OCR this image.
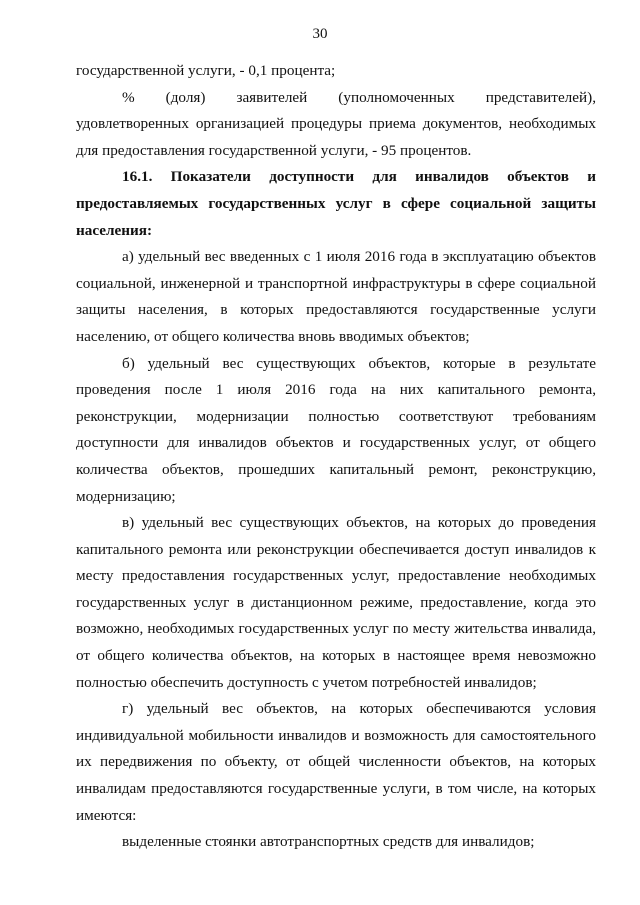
30

государственной услуги, - 0,1 процента;

% (доля) заявителей (уполномоченных представителей), удовлетворенных организацией процедуры приема документов, необходимых для предоставления государственной услуги, - 95 процентов.

16.1. Показатели доступности для инвалидов объектов и предоставляемых государственных услуг в сфере социальной защиты населения:

а) удельный вес введенных с 1 июля 2016 года в эксплуатацию объектов социальной, инженерной и транспортной инфраструктуры в сфере социальной защиты населения, в которых предоставляются государственные услуги населению, от общего количества вновь вводимых объектов;

б) удельный вес существующих объектов, которые в результате проведения после 1 июля 2016 года на них капитального ремонта, реконструкции, модернизации полностью соответствуют требованиям доступности для инвалидов объектов и государственных услуг, от общего количества объектов, прошедших капитальный ремонт, реконструкцию, модернизацию;

в) удельный вес существующих объектов, на которых до проведения капитального ремонта или реконструкции обеспечивается доступ инвалидов к месту предоставления государственных услуг, предоставление необходимых государственных услуг в дистанционном режиме, предоставление, когда это возможно, необходимых государственных услуг по месту жительства инвалида, от общего количества объектов, на которых в настоящее время невозможно полностью обеспечить доступность с учетом потребностей инвалидов;

г) удельный вес объектов, на которых обеспечиваются условия индивидуальной мобильности инвалидов и возможность для самостоятельного их передвижения по объекту, от общей численности объектов, на которых инвалидам предоставляются государственные услуги, в том числе, на которых имеются:

выделенные стоянки автотранспортных средств для инвалидов;
